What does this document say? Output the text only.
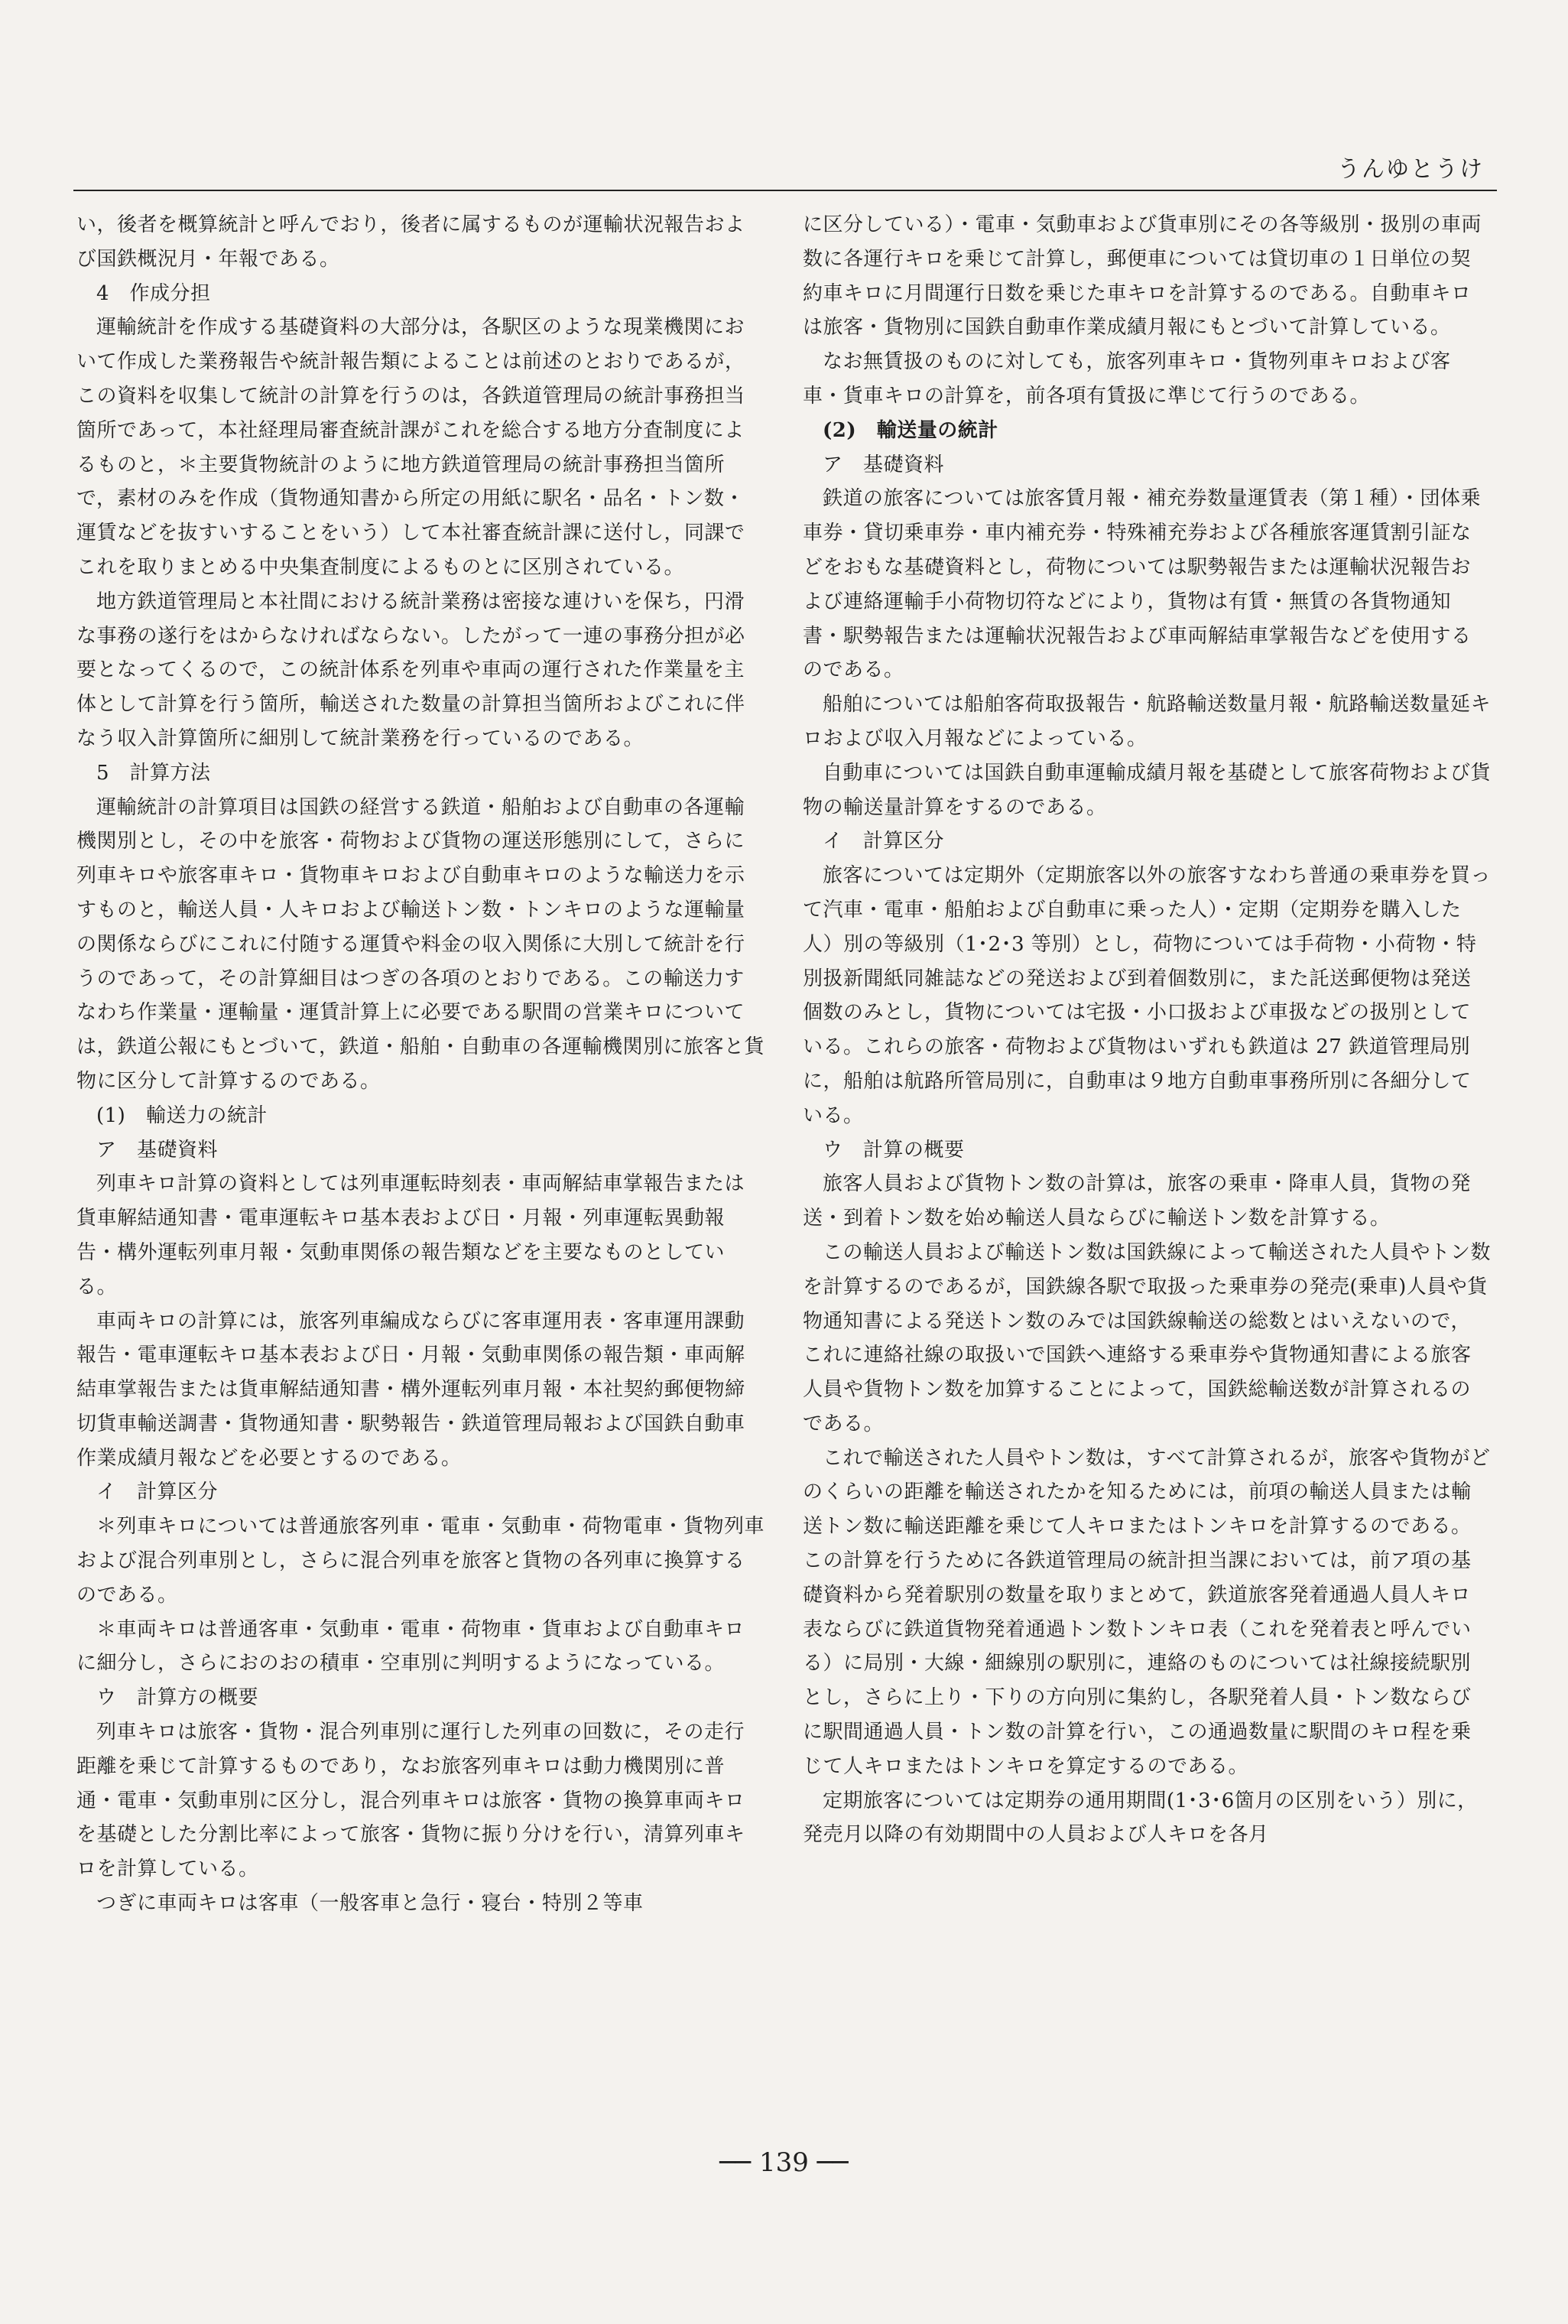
うんゆとうけ

い，後者を概算統計と呼んでおり，後者に属するものが運輸状況報告および国鉄概況月・年報である。

4　作成分担

運輸統計を作成する基礎資料の大部分は，各駅区のような現業機関において作成した業務報告や統計報告類によることは前述のとおりであるが，この資料を収集して統計の計算を行うのは，各鉄道管理局の統計事務担当箇所であって，本社経理局審査統計課がこれを総合する地方分査制度によるものと，＊主要貨物統計のように地方鉄道管理局の統計事務担当箇所で，素材のみを作成（貨物通知書から所定の用紙に駅名・品名・トン数・運賃などを抜すいすることをいう）して本社審査統計課に送付し，同課でこれを取りまとめる中央集査制度によるものとに区別されている。

地方鉄道管理局と本社間における統計業務は密接な連けいを保ち，円滑な事務の遂行をはからなければならない。したがって一連の事務分担が必要となってくるので，この統計体系を列車や車両の運行された作業量を主体として計算を行う箇所，輸送された数量の計算担当箇所およびこれに伴なう収入計算箇所に細別して統計業務を行っているのである。

5　計算方法

運輸統計の計算項目は国鉄の経営する鉄道・船舶および自動車の各運輸機関別とし，その中を旅客・荷物および貨物の運送形態別にして，さらに列車キロや旅客車キロ・貨物車キロおよび自動車キロのような輸送力を示すものと，輸送人員・人キロおよび輸送トン数・トンキロのような運輸量の関係ならびにこれに付随する運賃や料金の収入関係に大別して統計を行うのであって，その計算細目はつぎの各項のとおりである。この輸送力すなわち作業量・運輸量・運賃計算上に必要である駅間の営業キロについては，鉄道公報にもとづいて，鉄道・船舶・自動車の各運輸機関別に旅客と貨物に区分して計算するのである。

(1)　輸送力の統計
ア　基礎資料

列車キロ計算の資料としては列車運転時刻表・車両解結車掌報告または貨車解結通知書・電車運転キロ基本表および日・月報・列車運転異動報告・構外運転列車月報・気動車関係の報告類などを主要なものとしている。

車両キロの計算には，旅客列車編成ならびに客車運用表・客車運用課動報告・電車運転キロ基本表および日・月報・気動車関係の報告類・車両解結車掌報告または貨車解結通知書・構外運転列車月報・本社契約郵便物締切貨車輸送調書・貨物通知書・駅勢報告・鉄道管理局報および国鉄自動車作業成績月報などを必要とするのである。

イ　計算区分

＊列車キロについては普通旅客列車・電車・気動車・荷物電車・貨物列車および混合列車別とし，さらに混合列車を旅客と貨物の各列車に換算するのである。

＊車両キロは普通客車・気動車・電車・荷物車・貨車および自動車キロに細分し，さらにおのおの積車・空車別に判明するようになっている。

ウ　計算方の概要

列車キロは旅客・貨物・混合列車別に運行した列車の回数に，その走行距離を乗じて計算するものであり，なお旅客列車キロは動力機関別に普通・電車・気動車別に区分し，混合列車キロは旅客・貨物の換算車両キロを基礎とした分割比率によって旅客・貨物に振り分けを行い，清算列車キロを計算している。

つぎに車両キロは客車（一般客車と急行・寝台・特別２等車

に区分している）・電車・気動車および貨車別にその各等級別・扱別の車両数に各運行キロを乗じて計算し，郵便車については貸切車の１日単位の契約車キロに月間運行日数を乗じた車キロを計算するのである。自動車キロは旅客・貨物別に国鉄自動車作業成績月報にもとづいて計算している。

なお無賃扱のものに対しても，旅客列車キロ・貨物列車キロおよび客車・貨車キロの計算を，前各項有賃扱に準じて行うのである。

(2)　輸送量の統計
ア　基礎資料

鉄道の旅客については旅客賃月報・補充券数量運賃表（第１種）・団体乗車券・貸切乗車券・車内補充券・特殊補充券および各種旅客運賃割引証などをおもな基礎資料とし，荷物については駅勢報告または運輸状況報告および連絡運輸手小荷物切符などにより，貨物は有賃・無賃の各貨物通知書・駅勢報告または運輸状況報告および車両解結車掌報告などを使用するのである。

船舶については船舶客荷取扱報告・航路輸送数量月報・航路輸送数量延キロおよび収入月報などによっている。

自動車については国鉄自動車運輸成績月報を基礎として旅客荷物および貨物の輸送量計算をするのである。

イ　計算区分

旅客については定期外（定期旅客以外の旅客すなわち普通の乗車券を買って汽車・電車・船舶および自動車に乗った人）・定期（定期券を購入した人）別の等級別（1･2･3 等別）とし，荷物については手荷物・小荷物・特別扱新聞紙同雑誌などの発送および到着個数別に，また託送郵便物は発送個数のみとし，貨物については宅扱・小口扱および車扱などの扱別としている。これらの旅客・荷物および貨物はいずれも鉄道は 27 鉄道管理局別に，船舶は航路所管局別に，自動車は９地方自動車事務所別に各細分している。

ウ　計算の概要

旅客人員および貨物トン数の計算は，旅客の乗車・降車人員，貨物の発送・到着トン数を始め輸送人員ならびに輸送トン数を計算する。

この輸送人員および輸送トン数は国鉄線によって輸送された人員やトン数を計算するのであるが，国鉄線各駅で取扱った乗車券の発売(乗車)人員や貨物通知書による発送トン数のみでは国鉄線輸送の総数とはいえないので，これに連絡社線の取扱いで国鉄へ連絡する乗車券や貨物通知書による旅客人員や貨物トン数を加算することによって，国鉄総輸送数が計算されるのである。

これで輸送された人員やトン数は，すべて計算されるが，旅客や貨物がどのくらいの距離を輸送されたかを知るためには，前項の輸送人員または輸送トン数に輸送距離を乗じて人キロまたはトンキロを計算するのである。この計算を行うために各鉄道管理局の統計担当課においては，前ア項の基礎資料から発着駅別の数量を取りまとめて，鉄道旅客発着通過人員人キロ表ならびに鉄道貨物発着通過トン数トンキロ表（これを発着表と呼んでいる）に局別・大線・細線別の駅別に，連絡のものについては社線接続駅別とし，さらに上り・下りの方向別に集約し，各駅発着人員・トン数ならびに駅間通過人員・トン数の計算を行い，この通過数量に駅間のキロ程を乗じて人キロまたはトンキロを算定するのである。

定期旅客については定期券の通用期間(1･3･6箇月の区別をいう）別に，発売月以降の有効期間中の人員および人キロを各月

── 139 ──
